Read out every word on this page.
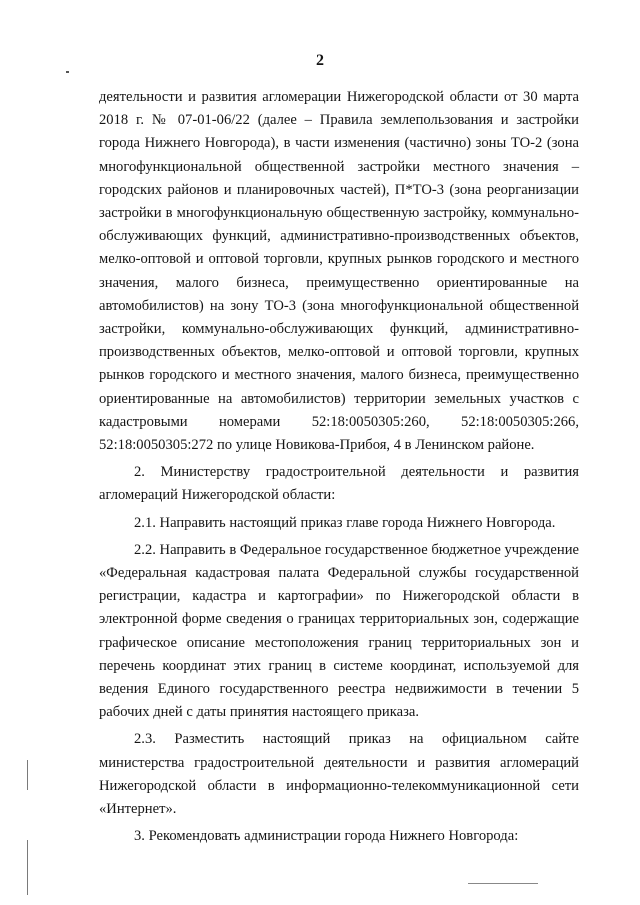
2

деятельности и развития агломерации Нижегородской области от 30 марта 2018 г. № 07-01-06/22 (далее – Правила землепользования и застройки города Нижнего Новгорода), в части изменения (частично) зоны ТО-2 (зона многофункциональной общественной застройки местного значения – городских районов и планировочных частей), П*ТО-3 (зона реорганизации застройки в многофункциональную общественную застройку, коммунально-обслуживающих функций, административно-производственных объектов, мелко-оптовой и оптовой торговли, крупных рынков городского и местного значения, малого бизнеса, преимущественно ориентированные на автомобилистов) на зону ТО-3 (зона многофункциональной общественной застройки, коммунально-обслуживающих функций, административно-производственных объектов, мелко-оптовой и оптовой торговли, крупных рынков городского и местного значения, малого бизнеса, преимущественно ориентированные на автомобилистов) территории земельных участков с кадастровыми номерами 52:18:0050305:260, 52:18:0050305:266, 52:18:0050305:272 по улице Новикова-Прибоя, 4 в Ленинском районе.

2. Министерству градостроительной деятельности и развития агломераций Нижегородской области:

2.1. Направить настоящий приказ главе города Нижнего Новгорода.

2.2. Направить в Федеральное государственное бюджетное учреждение «Федеральная кадастровая палата Федеральной службы государственной регистрации, кадастра и картографии» по Нижегородской области в электронной форме сведения о границах территориальных зон, содержащие графическое описание местоположения границ территориальных зон и перечень координат этих границ в системе координат, используемой для ведения Единого государственного реестра недвижимости в течении 5 рабочих дней с даты принятия настоящего приказа.

2.3. Разместить настоящий приказ на официальном сайте министерства градостроительной деятельности и развития агломераций Нижегородской области в информационно-телекоммуникационной сети «Интернет».

3. Рекомендовать администрации города Нижнего Новгорода:
